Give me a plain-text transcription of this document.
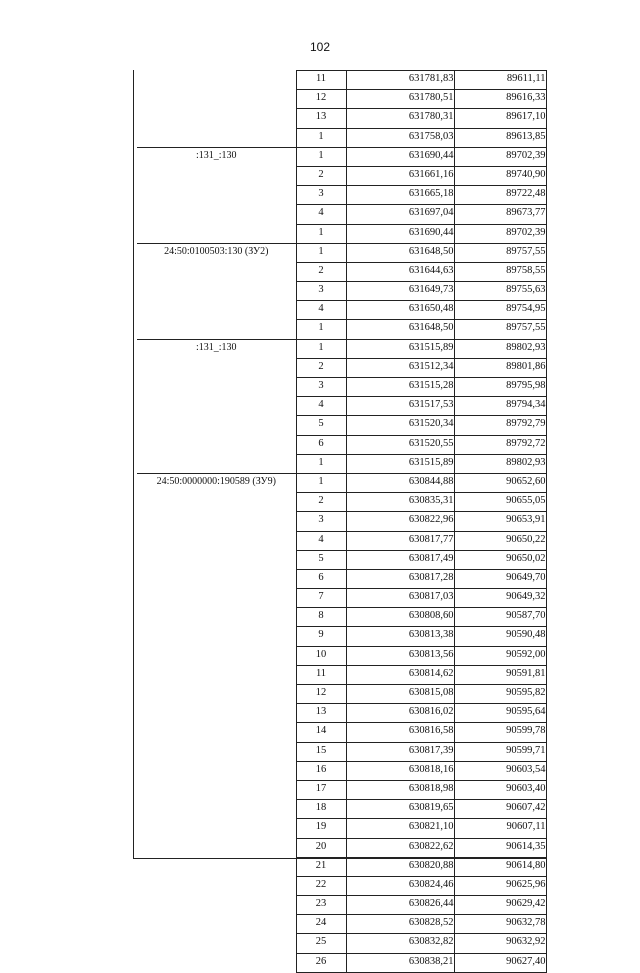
102
	11	631781,83	89611,11
	12	631780,51	89616,33
	13	631780,31	89617,10
	1	631758,03	89613,85
:131_:130	1	631690,44	89702,39
	2	631661,16	89740,90
	3	631665,18	89722,48
	4	631697,04	89673,77
	1	631690,44	89702,39
24:50:0100503:130 (ЗУ2)	1	631648,50	89757,55
	2	631644,63	89758,55
	3	631649,73	89755,63
	4	631650,48	89754,95
	1	631648,50	89757,55
:131_:130	1	631515,89	89802,93
	2	631512,34	89801,86
	3	631515,28	89795,98
	4	631517,53	89794,34
	5	631520,34	89792,79
	6	631520,55	89792,72
	1	631515,89	89802,93
24:50:0000000:190589 (ЗУ9)	1	630844,88	90652,60
	2	630835,31	90655,05
	3	630822,96	90653,91
	4	630817,77	90650,22
	5	630817,49	90650,02
	6	630817,28	90649,70
	7	630817,03	90649,32
	8	630808,60	90587,70
	9	630813,38	90590,48
	10	630813,56	90592,00
	11	630814,62	90591,81
	12	630815,08	90595,82
	13	630816,02	90595,64
	14	630816,58	90599,78
	15	630817,39	90599,71
	16	630818,16	90603,54
	17	630818,98	90603,40
	18	630819,65	90607,42
	19	630821,10	90607,11
	20	630822,62	90614,35
	21	630820,88	90614,80
	22	630824,46	90625,96
	23	630826,44	90629,42
	24	630828,52	90632,78
	25	630832,82	90632,92
	26	630838,21	90627,40
